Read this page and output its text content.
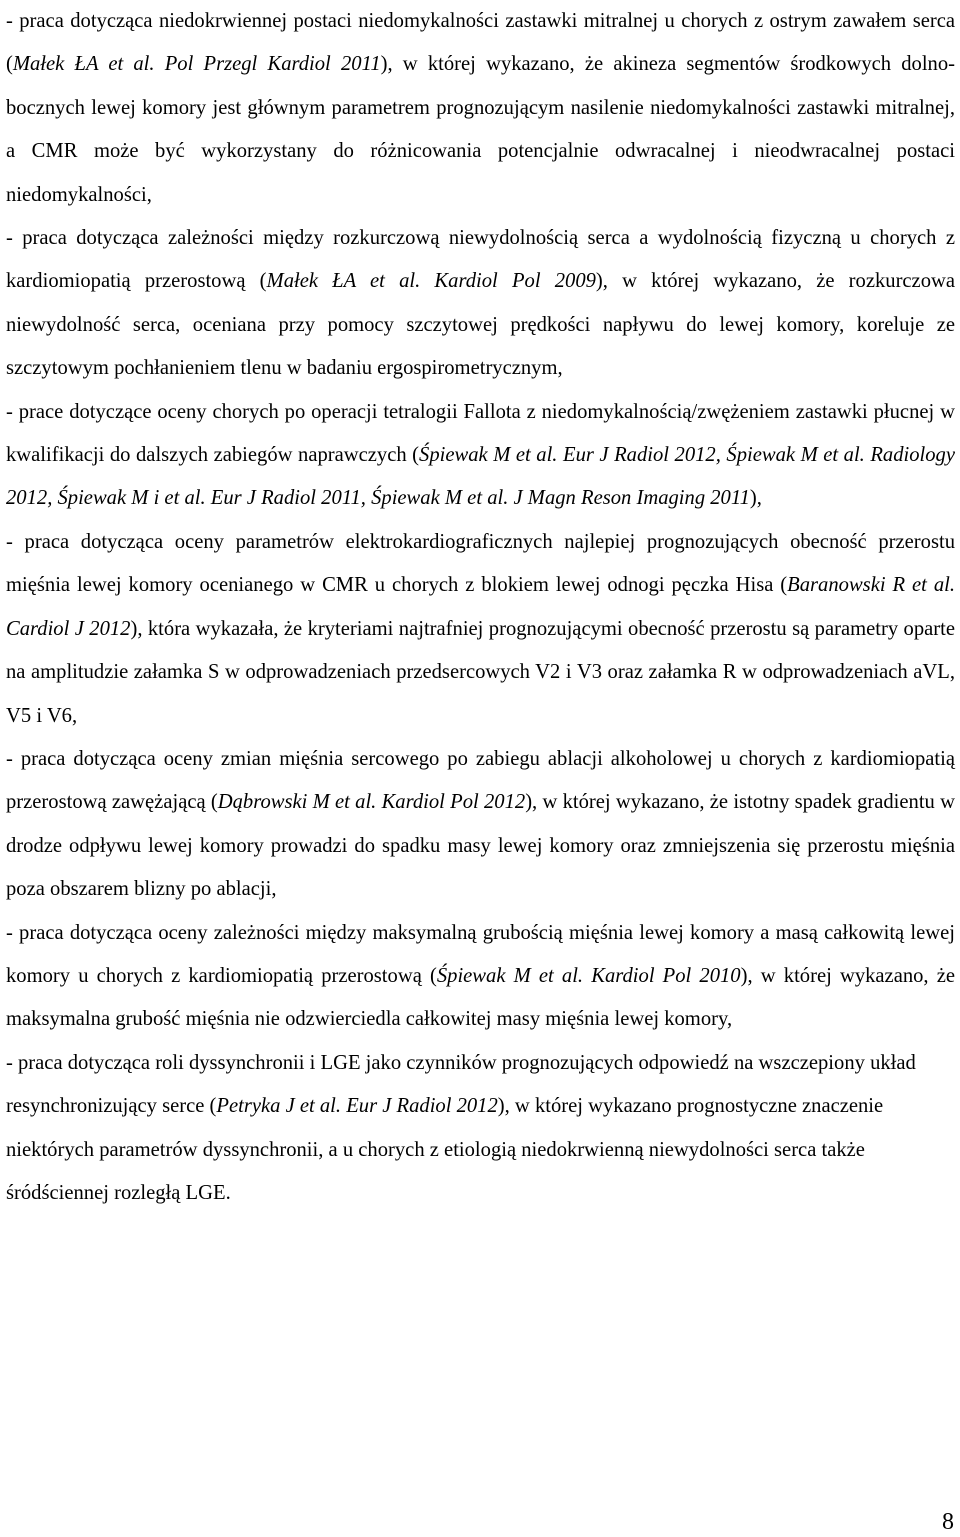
- praca dotycząca niedokrwiennej postaci niedomykalności zastawki mitralnej u chorych z ostrym zawałem serca (Małek ŁA et al. Pol Przegl Kardiol 2011), w której wykazano, że akineza segmentów środkowych dolno-bocznych lewej komory jest głównym parametrem prognozującym nasilenie niedomykalności zastawki mitralnej, a CMR może być wykorzystany do różnicowania potencjalnie odwracalnej i nieodwracalnej postaci niedomykalności,

- praca dotycząca zależności między rozkurczową niewydolnością serca a wydolnością fizyczną u chorych z kardiomiopatią przerostową (Małek ŁA et al. Kardiol Pol 2009), w której wykazano, że rozkurczowa niewydolność serca, oceniana przy pomocy szczytowej prędkości napływu do lewej komory, koreluje ze szczytowym pochłanieniem tlenu w badaniu ergospirometrycznym,

- prace dotyczące oceny chorych po operacji tetralogii Fallota z niedomykalnością/zwężeniem zastawki płucnej w kwalifikacji do dalszych zabiegów naprawczych (Śpiewak M et al. Eur J Radiol 2012, Śpiewak M et al. Radiology 2012, Śpiewak M i et al. Eur J Radiol 2011, Śpiewak M et al. J Magn Reson Imaging 2011),

- praca dotycząca oceny parametrów elektrokardiograficznych najlepiej prognozujących obecność przerostu mięśnia lewej komory ocenianego w CMR u chorych z blokiem lewej odnogi pęczka Hisa (Baranowski R et al. Cardiol J 2012), która wykazała, że kryteriami najtrafniej prognozującymi obecność przerostu są parametry oparte na amplitudzie załamka S w odprowadzeniach przedsercowych V2 i V3 oraz załamka R w odprowadzeniach aVL, V5 i V6,

- praca dotycząca oceny zmian mięśnia sercowego po zabiegu ablacji alkoholowej u chorych z kardiomiopatią przerostową zawężającą (Dąbrowski M et al. Kardiol Pol 2012), w której wykazano, że istotny spadek gradientu w drodze odpływu lewej komory prowadzi do spadku masy lewej komory oraz zmniejszenia się przerostu mięśnia poza obszarem blizny po ablacji,

- praca dotycząca oceny zależności między maksymalną grubością mięśnia lewej komory a masą całkowitą lewej komory u chorych z kardiomiopatią przerostową (Śpiewak M et al. Kardiol Pol 2010), w której wykazano, że maksymalna grubość mięśnia nie odzwierciedla całkowitej masy mięśnia lewej komory,

- praca dotycząca roli dyssynchronii i LGE jako czynników prognozujących odpowiedź na wszczepiony układ resynchronizujący serce (Petryka J et al. Eur J Radiol 2012), w której wykazano prognostyczne znaczenie niektórych parametrów dyssynchronii, a u chorych z etiologią niedokrwienną niewydolności serca także śródściennej rozległą LGE.

8
